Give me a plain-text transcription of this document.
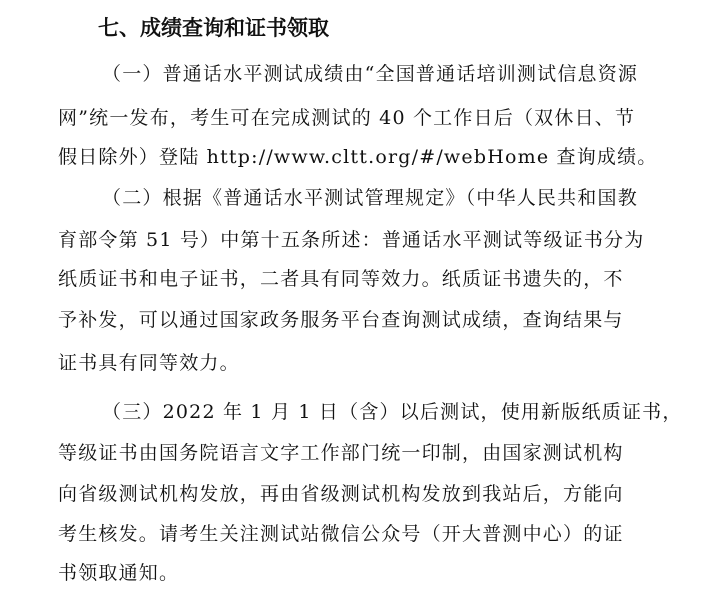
七、成绩查询和证书领取
（一）普通话水平测试成绩由“全国普通话培训测试信息资源
网”统一发布，考生可在完成测试的 40 个工作日后（双休日、节
假日除外）登陆 http://www.cltt.org/#/webHome 查询成绩。
（二）根据《普通话水平测试管理规定》（中华人民共和国教
育部令第 51 号）中第十五条所述：普通话水平测试等级证书分为
纸质证书和电子证书，二者具有同等效力。纸质证书遗失的，不
予补发，可以通过国家政务服务平台查询测试成绩，查询结果与
证书具有同等效力。
（三）2022 年 1 月 1 日（含）以后测试，使用新版纸质证书，
等级证书由国务院语言文字工作部门统一印制，由国家测试机构
向省级测试机构发放，再由省级测试机构发放到我站后，方能向
考生核发。请考生关注测试站微信公众号（开大普测中心）的证
书领取通知。
